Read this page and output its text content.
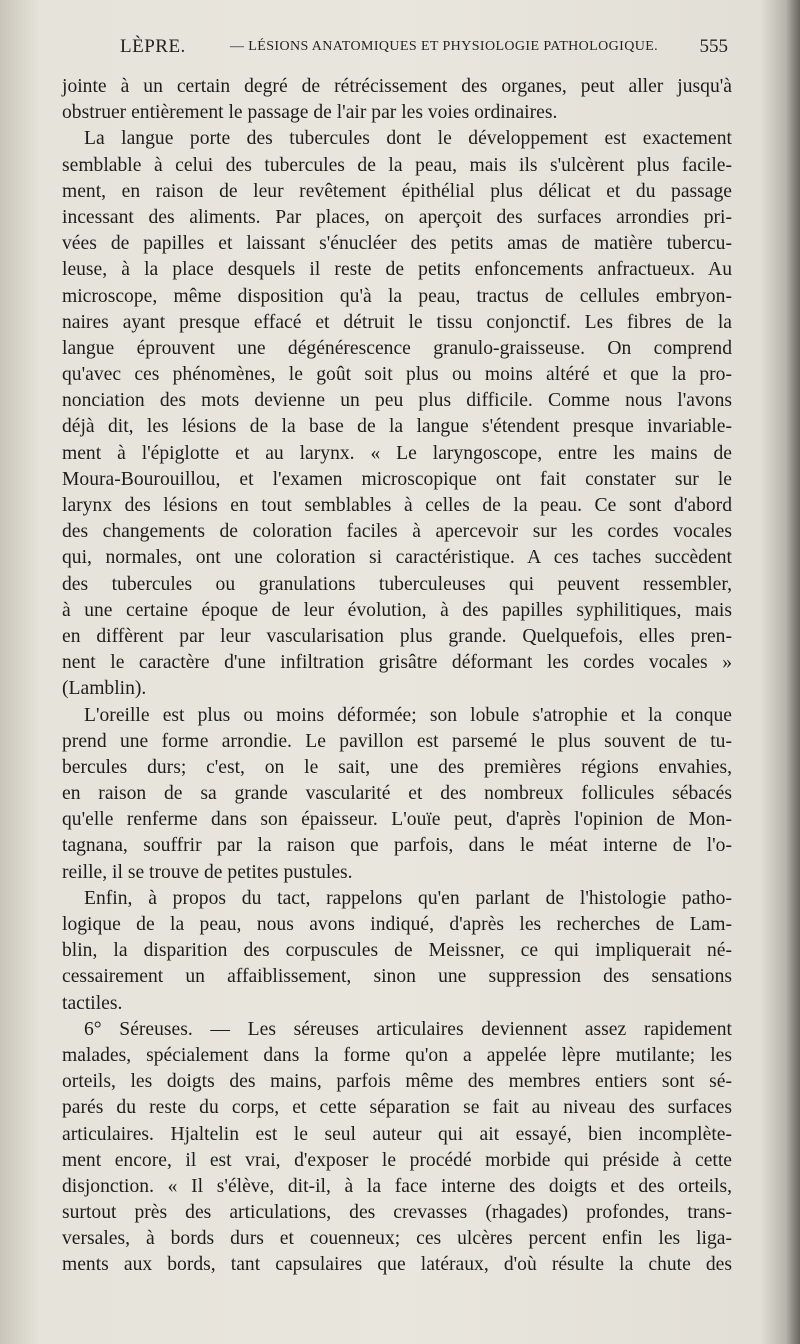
LÈPRE.	— LÉSIONS ANATOMIQUES ET PHYSIOLOGIE PATHOLOGIQUE. 555
jointe à un certain degré de rétrécissement des organes, peut aller jusqu'à
obstruer entièrement le passage de l'air par les voies ordinaires.
La langue porte des tubercules dont le développement est exactement
semblable à celui des tubercules de la peau, mais ils s'ulcèrent plus facile-
ment, en raison de leur revêtement épithélial plus délicat et du passage
incessant des aliments. Par places, on aperçoit des surfaces arrondies pri-
vées de papilles et laissant s'énucléer des petits amas de matière tubercu-
leuse, à la place desquels il reste de petits enfoncements anfractueux. Au
microscope, même disposition qu'à la peau, tractus de cellules embryon-
naires ayant presque effacé et détruit le tissu conjonctif. Les fibres de la
langue éprouvent une dégénérescence granulo-graisseuse. On comprend
qu'avec ces phénomènes, le goût soit plus ou moins altéré et que la pro-
nonciation des mots devienne un peu plus difficile. Comme nous l'avons
déjà dit, les lésions de la base de la langue s'étendent presque invariable-
ment à l'épiglotte et au larynx. « Le laryngoscope, entre les mains de
Moura-Bourouillou, et l'examen microscopique ont fait constater sur le
larynx des lésions en tout semblables à celles de la peau. Ce sont d'abord
des changements de coloration faciles à apercevoir sur les cordes vocales
qui, normales, ont une coloration si caractéristique. A ces taches succèdent
des tubercules ou granulations tuberculeuses qui peuvent ressembler,
à une certaine époque de leur évolution, à des papilles syphilitiques, mais
en diffèrent par leur vascularisation plus grande. Quelquefois, elles pren-
nent le caractère d'une infiltration grisâtre déformant les cordes vocales »
(Lamblin).
L'oreille est plus ou moins déformée; son lobule s'atrophie et la conque
prend une forme arrondie. Le pavillon est parsemé le plus souvent de tu-
bercules durs; c'est, on le sait, une des premières régions envahies,
en raison de sa grande vascularité et des nombreux follicules sébacés
qu'elle renferme dans son épaisseur. L'ouïe peut, d'après l'opinion de Mon-
tagnana, souffrir par la raison que parfois, dans le méat interne de l'o-
reille, il se trouve de petites pustules.
Enfin, à propos du tact, rappelons qu'en parlant de l'histologie patho-
logique de la peau, nous avons indiqué, d'après les recherches de Lam-
blin, la disparition des corpuscules de Meissner, ce qui impliquerait né-
cessairement un affaiblissement, sinon une suppression des sensations
tactiles.
6° Séreuses. — Les séreuses articulaires deviennent assez rapidement
malades, spécialement dans la forme qu'on a appelée lèpre mutilante; les
orteils, les doigts des mains, parfois même des membres entiers sont sé-
parés du reste du corps, et cette séparation se fait au niveau des surfaces
articulaires. Hjaltelin est le seul auteur qui ait essayé, bien incomplète-
ment encore, il est vrai, d'exposer le procédé morbide qui préside à cette
disjonction. « Il s'élève, dit-il, à la face interne des doigts et des orteils,
surtout près des articulations, des crevasses (rhagades) profondes, trans-
versales, à bords durs et couenneux; ces ulcères percent enfin les liga-
ments aux bords, tant capsulaires que latéraux, d'où résulte la chute des
